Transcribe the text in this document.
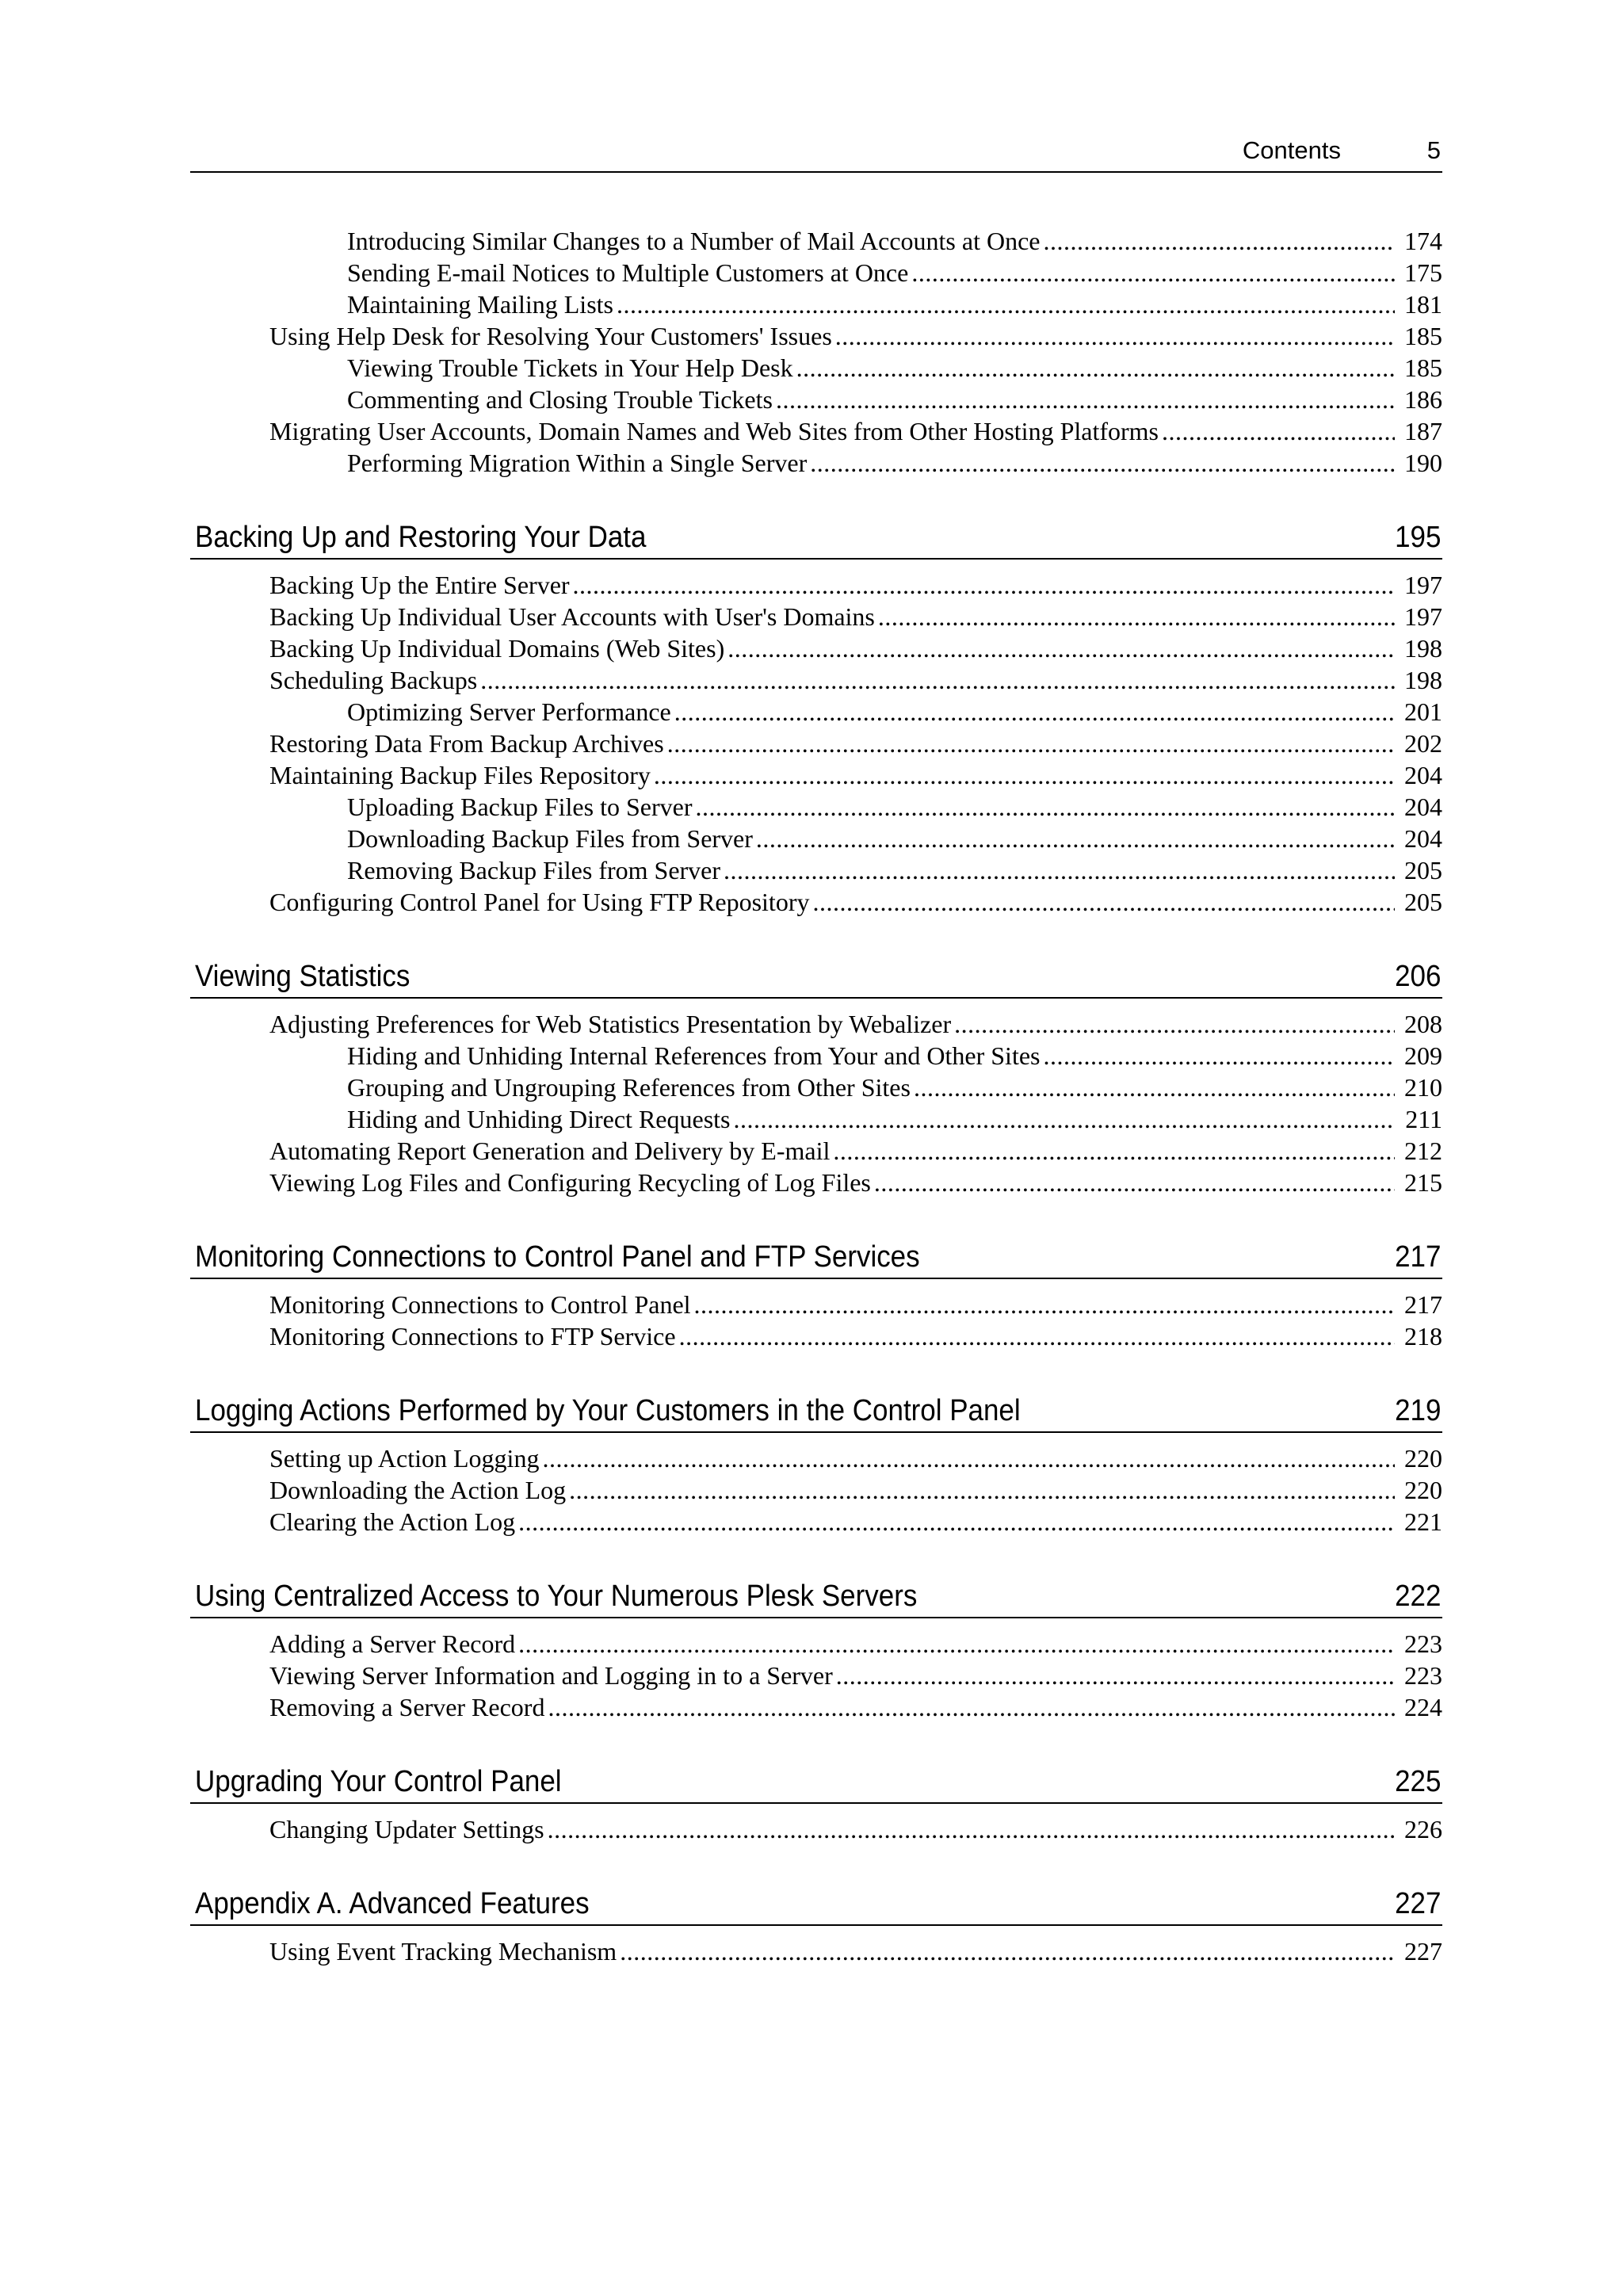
Contents	5
Introducing Similar Changes to a Number of Mail Accounts at Once .....	174
Sending E-mail Notices to Multiple Customers at Once .....	175
Maintaining Mailing Lists .....	181
Using Help Desk for Resolving Your Customers' Issues .....	185
Viewing Trouble Tickets in Your Help Desk .....	185
Commenting and Closing Trouble Tickets .....	186
Migrating User Accounts, Domain Names and Web Sites from Other Hosting Platforms .....	187
Performing Migration Within a Single Server .....	190
Backing Up and Restoring Your Data	195
Backing Up the Entire Server .....	197
Backing Up Individual User Accounts with User's Domains .....	197
Backing Up Individual Domains (Web Sites) .....	198
Scheduling Backups .....	198
Optimizing Server Performance .....	201
Restoring Data From Backup Archives .....	202
Maintaining Backup Files Repository .....	204
Uploading Backup Files to Server .....	204
Downloading Backup Files from Server .....	204
Removing Backup Files from Server .....	205
Configuring Control Panel for Using FTP Repository .....	205
Viewing Statistics	206
Adjusting Preferences for Web Statistics Presentation by Webalizer .....	208
Hiding and Unhiding Internal References from Your and Other Sites .....	209
Grouping and Ungrouping References from Other Sites .....	210
Hiding and Unhiding Direct Requests .....	211
Automating Report Generation and Delivery by E-mail .....	212
Viewing Log Files and Configuring Recycling of Log Files .....	215
Monitoring Connections to Control Panel and FTP Services	217
Monitoring Connections to Control Panel .....	217
Monitoring Connections to FTP Service .....	218
Logging Actions Performed by Your Customers in the Control Panel	219
Setting up Action Logging .....	220
Downloading the Action Log .....	220
Clearing the Action Log .....	221
Using Centralized Access to Your Numerous Plesk Servers	222
Adding a Server Record .....	223
Viewing Server Information and Logging in to a Server .....	223
Removing a Server Record .....	224
Upgrading Your Control Panel	225
Changing Updater Settings .....	226
Appendix A. Advanced Features	227
Using Event Tracking Mechanism .....	227
